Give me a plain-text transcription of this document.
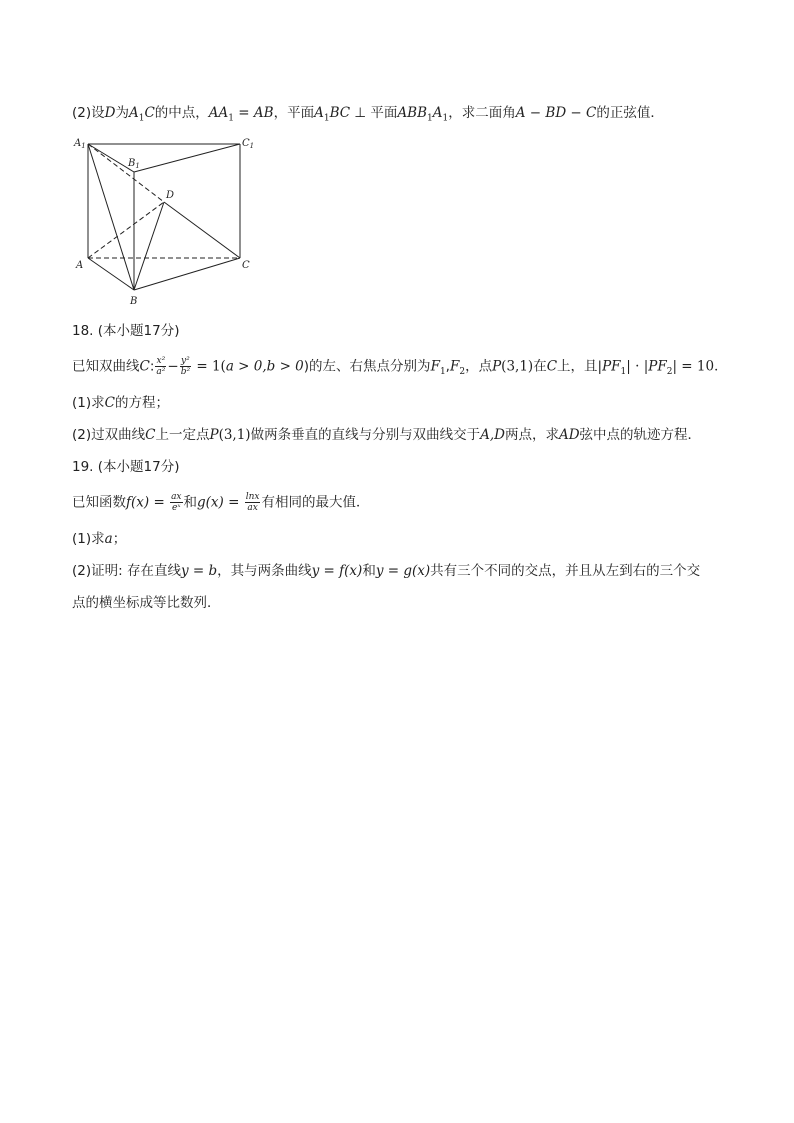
(2)设D为$A_1C$的中点，$AA_1$ = AB，平面$A_1BC$ ⊥ 平面$ABB_1A_1$，求二面角A − BD − C的正弦值．
$A_1$
$B_1$
$C_1$
D
A
B
C
18. (本小题17分)
已知双曲线C: $\frac{\text{x²}}{\text{a²}} - \frac{\text{y²}}{\text{b²}} = 1(a > 0,b > 0)$的左、右焦点分别为$F_1,F_2$，点P(3,1)在C上，且$|PF_1| \cdot |PF_2| = 10$．
(1)求C的方程；
(2)过双曲线C上一定点P(3,1)做两条垂直的直线与分别与双曲线交于A,D两点，求AD弦中点的轨迹方程．
19. (本小题17分)
已知函数$f(x) = \frac{ax}{\text{eˣ}}$ 和$g(x) = \frac{\ln x}{ax}$ 有相同的最大值．
(1)求a；
(2)证明: 存在直线y = b，其与两条曲线y = f(x)和y = g(x)共有三个不同的交点，并且从左到右的三个交
点的横坐标成等比数列．
